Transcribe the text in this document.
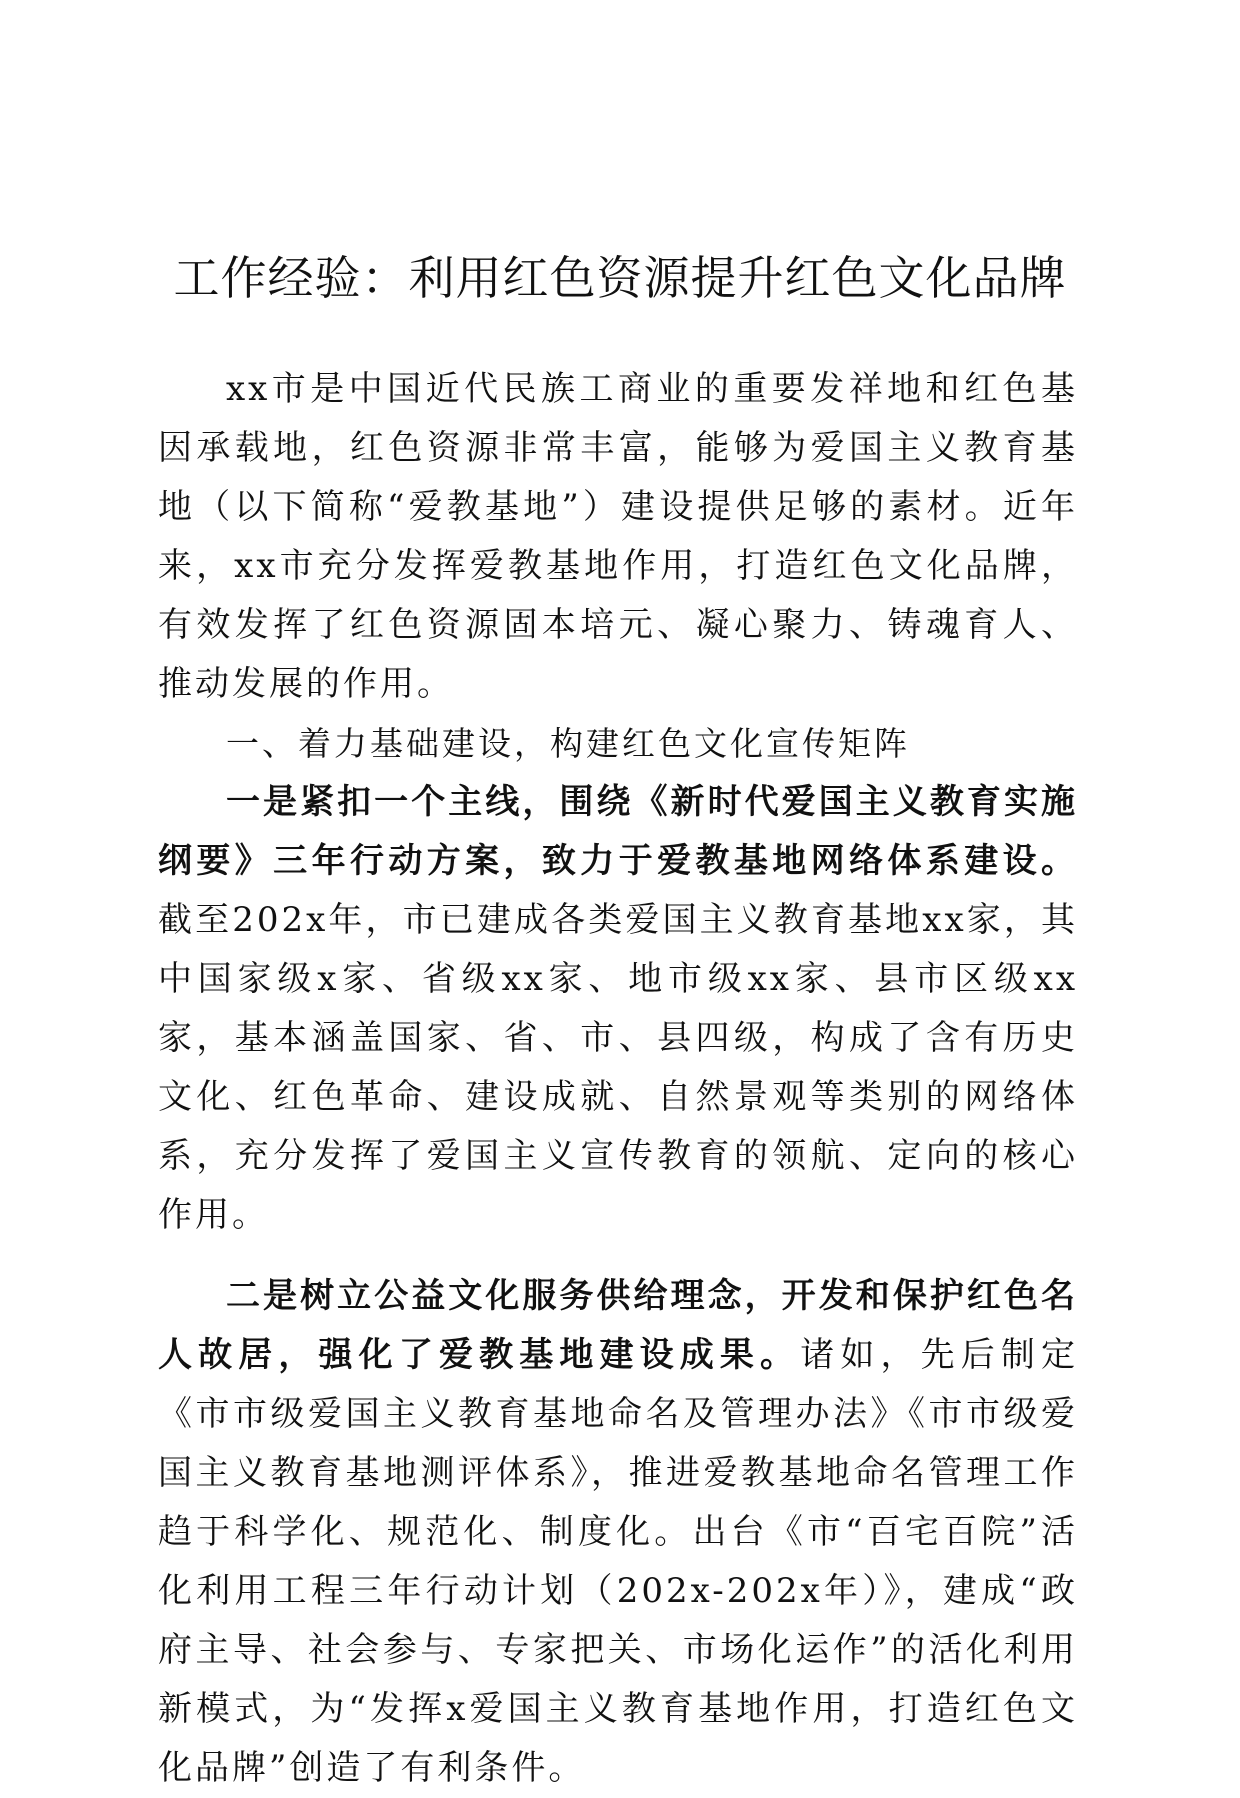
工作经验：利用红色资源提升红色文化品牌

xx市是中国近代民族工商业的重要发祥地和红色基因承载地，红色资源非常丰富，能够为爱国主义教育基地（以下简称“爱教基地”）建设提供足够的素材。近年来，xx市充分发挥爱教基地作用，打造红色文化品牌，有效发挥了红色资源固本培元、凝心聚力、铸魂育人、推动发展的作用。

一、着力基础建设，构建红色文化宣传矩阵

一是紧扣一个主线，围绕《新时代爱国主义教育实施纲要》三年行动方案，致力于爱教基地网络体系建设。截至202x年，市已建成各类爱国主义教育基地xx家，其中国家级x家、省级xx家、地市级xx家、县市区级xx家，基本涵盖国家、省、市、县四级，构成了含有历史文化、红色革命、建设成就、自然景观等类别的网络体系，充分发挥了爱国主义宣传教育的领航、定向的核心作用。

二是树立公益文化服务供给理念，开发和保护红色名人故居，强化了爱教基地建设成果。诸如，先后制定《市市级爱国主义教育基地命名及管理办法》《市市级爱国主义教育基地测评体系》，推进爱教基地命名管理工作趋于科学化、规范化、制度化。出台《市“百宅百院”活化利用工程三年行动计划（202x-202x年）》，建成“政府主导、社会参与、专家把关、市场化运作”的活化利用新模式，为“发挥x爱国主义教育基地作用，打造红色文化品牌”创造了有利条件。
